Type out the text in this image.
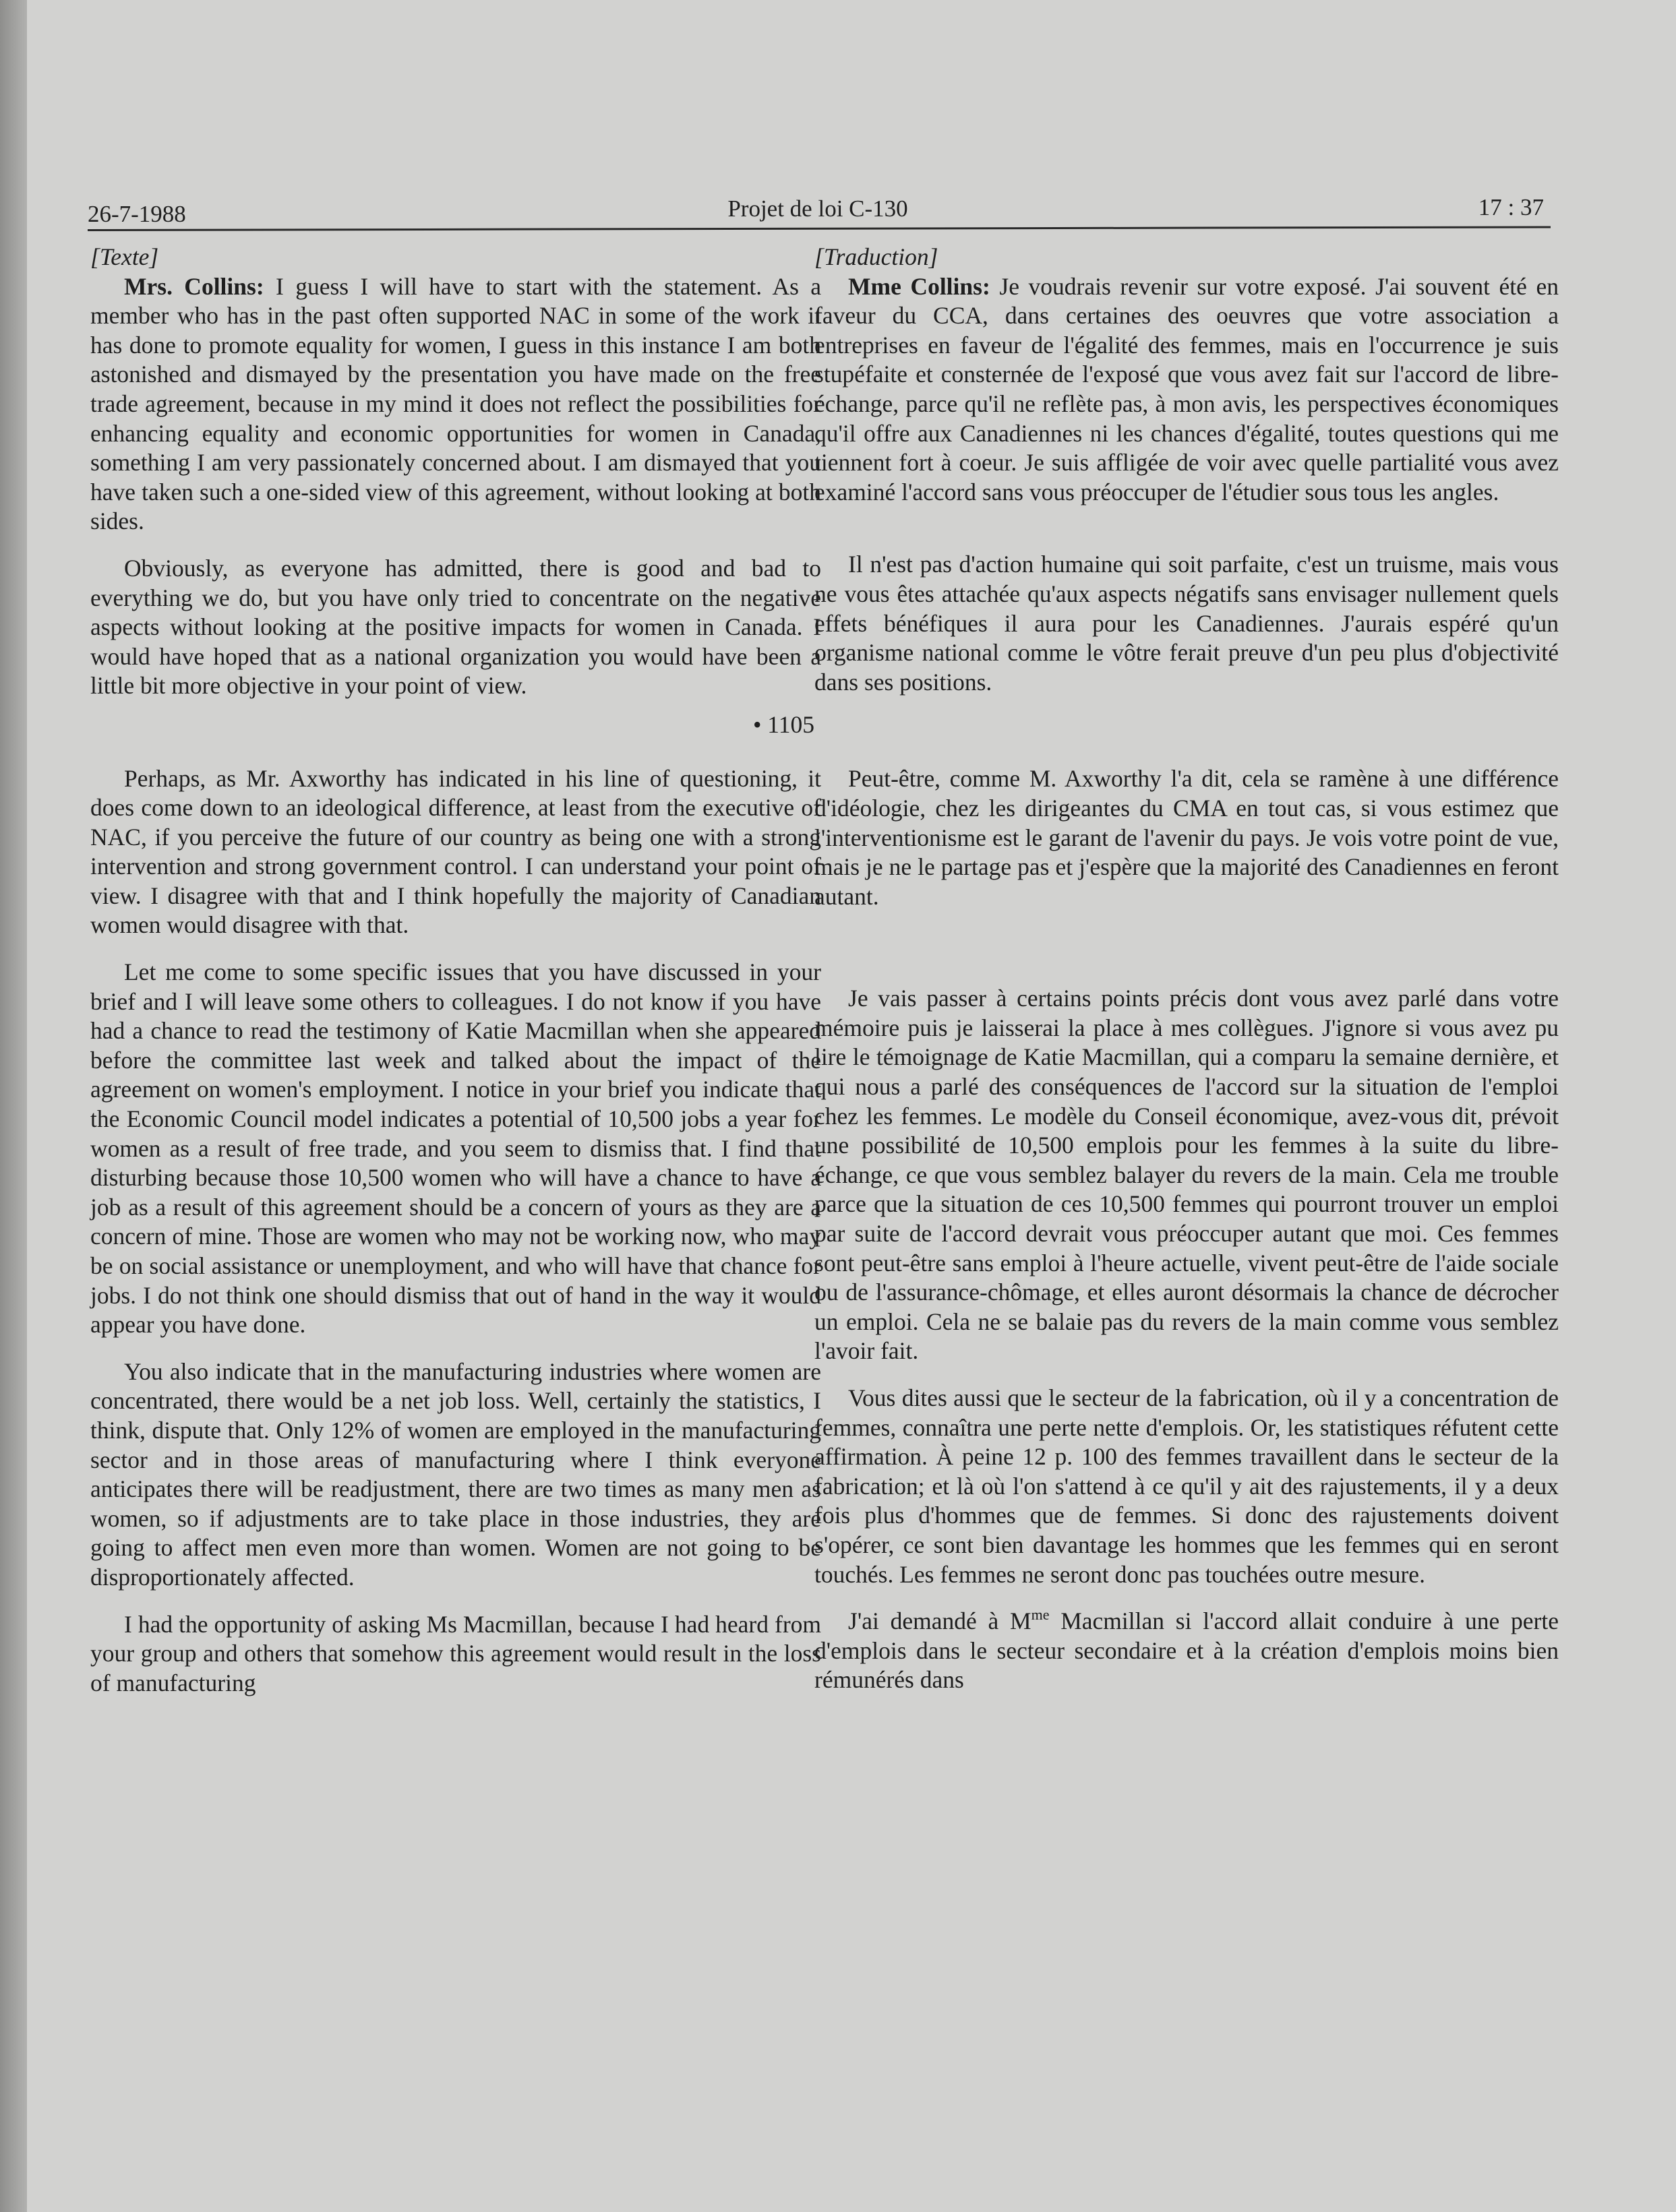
26-7-1988	Projet de loi C-130	17 : 37

[Texte]

Mrs. Collins: I guess I will have to start with the statement. As a member who has in the past often supported NAC in some of the work it has done to promote equality for women, I guess in this instance I am both astonished and dismayed by the presentation you have made on the free trade agreement, because in my mind it does not reflect the possibilities for enhancing equality and economic opportunities for women in Canada, something I am very passionately concerned about. I am dismayed that you have taken such a one-sided view of this agreement, without looking at both sides.

Obviously, as everyone has admitted, there is good and bad to everything we do, but you have only tried to concentrate on the negative aspects without looking at the positive impacts for women in Canada. I would have hoped that as a national organization you would have been a little bit more objective in your point of view.

• 1105

Perhaps, as Mr. Axworthy has indicated in his line of questioning, it does come down to an ideological difference, at least from the executive of NAC, if you perceive the future of our country as being one with a strong intervention and strong government control. I can understand your point of view. I disagree with that and I think hopefully the majority of Canadian women would disagree with that.

Let me come to some specific issues that you have discussed in your brief and I will leave some others to colleagues. I do not know if you have had a chance to read the testimony of Katie Macmillan when she appeared before the committee last week and talked about the impact of the agreement on women's employment. I notice in your brief you indicate that the Economic Council model indicates a potential of 10,500 jobs a year for women as a result of free trade, and you seem to dismiss that. I find that disturbing because those 10,500 women who will have a chance to have a job as a result of this agreement should be a concern of yours as they are a concern of mine. Those are women who may not be working now, who may be on social assistance or unemployment, and who will have that chance for jobs. I do not think one should dismiss that out of hand in the way it would appear you have done.

You also indicate that in the manufacturing industries where women are concentrated, there would be a net job loss. Well, certainly the statistics, I think, dispute that. Only 12% of women are employed in the manufacturing sector and in those areas of manufacturing where I think everyone anticipates there will be readjustment, there are two times as many men as women, so if adjustments are to take place in those industries, they are going to affect men even more than women. Women are not going to be disproportionately affected.

I had the opportunity of asking Ms Macmillan, because I had heard from your group and others that somehow this agreement would result in the loss of manufacturing

[Traduction]

Mme Collins: Je voudrais revenir sur votre exposé. J'ai souvent été en faveur du CCA, dans certaines des oeuvres que votre association a entreprises en faveur de l'égalité des femmes, mais en l'occurrence je suis stupéfaite et consternée de l'exposé que vous avez fait sur l'accord de libre-échange, parce qu'il ne reflète pas, à mon avis, les perspectives économiques qu'il offre aux Canadiennes ni les chances d'égalité, toutes questions qui me tiennent fort à coeur. Je suis affligée de voir avec quelle partialité vous avez examiné l'accord sans vous préoccuper de l'étudier sous tous les angles.

Il n'est pas d'action humaine qui soit parfaite, c'est un truisme, mais vous ne vous êtes attachée qu'aux aspects négatifs sans envisager nullement quels effets bénéfiques il aura pour les Canadiennes. J'aurais espéré qu'un organisme national comme le vôtre ferait preuve d'un peu plus d'objectivité dans ses positions.

Peut-être, comme M. Axworthy l'a dit, cela se ramène à une différence d'idéologie, chez les dirigeantes du CMA en tout cas, si vous estimez que l'interventionisme est le garant de l'avenir du pays. Je vois votre point de vue, mais je ne le partage pas et j'espère que la majorité des Canadiennes en feront autant.

Je vais passer à certains points précis dont vous avez parlé dans votre mémoire puis je laisserai la place à mes collègues. J'ignore si vous avez pu lire le témoignage de Katie Macmillan, qui a comparu la semaine dernière, et qui nous a parlé des conséquences de l'accord sur la situation de l'emploi chez les femmes. Le modèle du Conseil économique, avez-vous dit, prévoit une possibilité de 10,500 emplois pour les femmes à la suite du libre-échange, ce que vous semblez balayer du revers de la main. Cela me trouble parce que la situation de ces 10,500 femmes qui pourront trouver un emploi par suite de l'accord devrait vous préoccuper autant que moi. Ces femmes sont peut-être sans emploi à l'heure actuelle, vivent peut-être de l'aide sociale ou de l'assurance-chômage, et elles auront désormais la chance de décrocher un emploi. Cela ne se balaie pas du revers de la main comme vous semblez l'avoir fait.

Vous dites aussi que le secteur de la fabrication, où il y a concentration de femmes, connaîtra une perte nette d'emplois. Or, les statistiques réfutent cette affirmation. À peine 12 p. 100 des femmes travaillent dans le secteur de la fabrication; et là où l'on s'attend à ce qu'il y ait des rajustements, il y a deux fois plus d'hommes que de femmes. Si donc des rajustements doivent s'opérer, ce sont bien davantage les hommes que les femmes qui en seront touchés. Les femmes ne seront donc pas touchées outre mesure.

J'ai demandé à $M^{me}$ Macmillan si l'accord allait conduire à une perte d'emplois dans le secteur secondaire et à la création d'emplois moins bien rémunérés dans
